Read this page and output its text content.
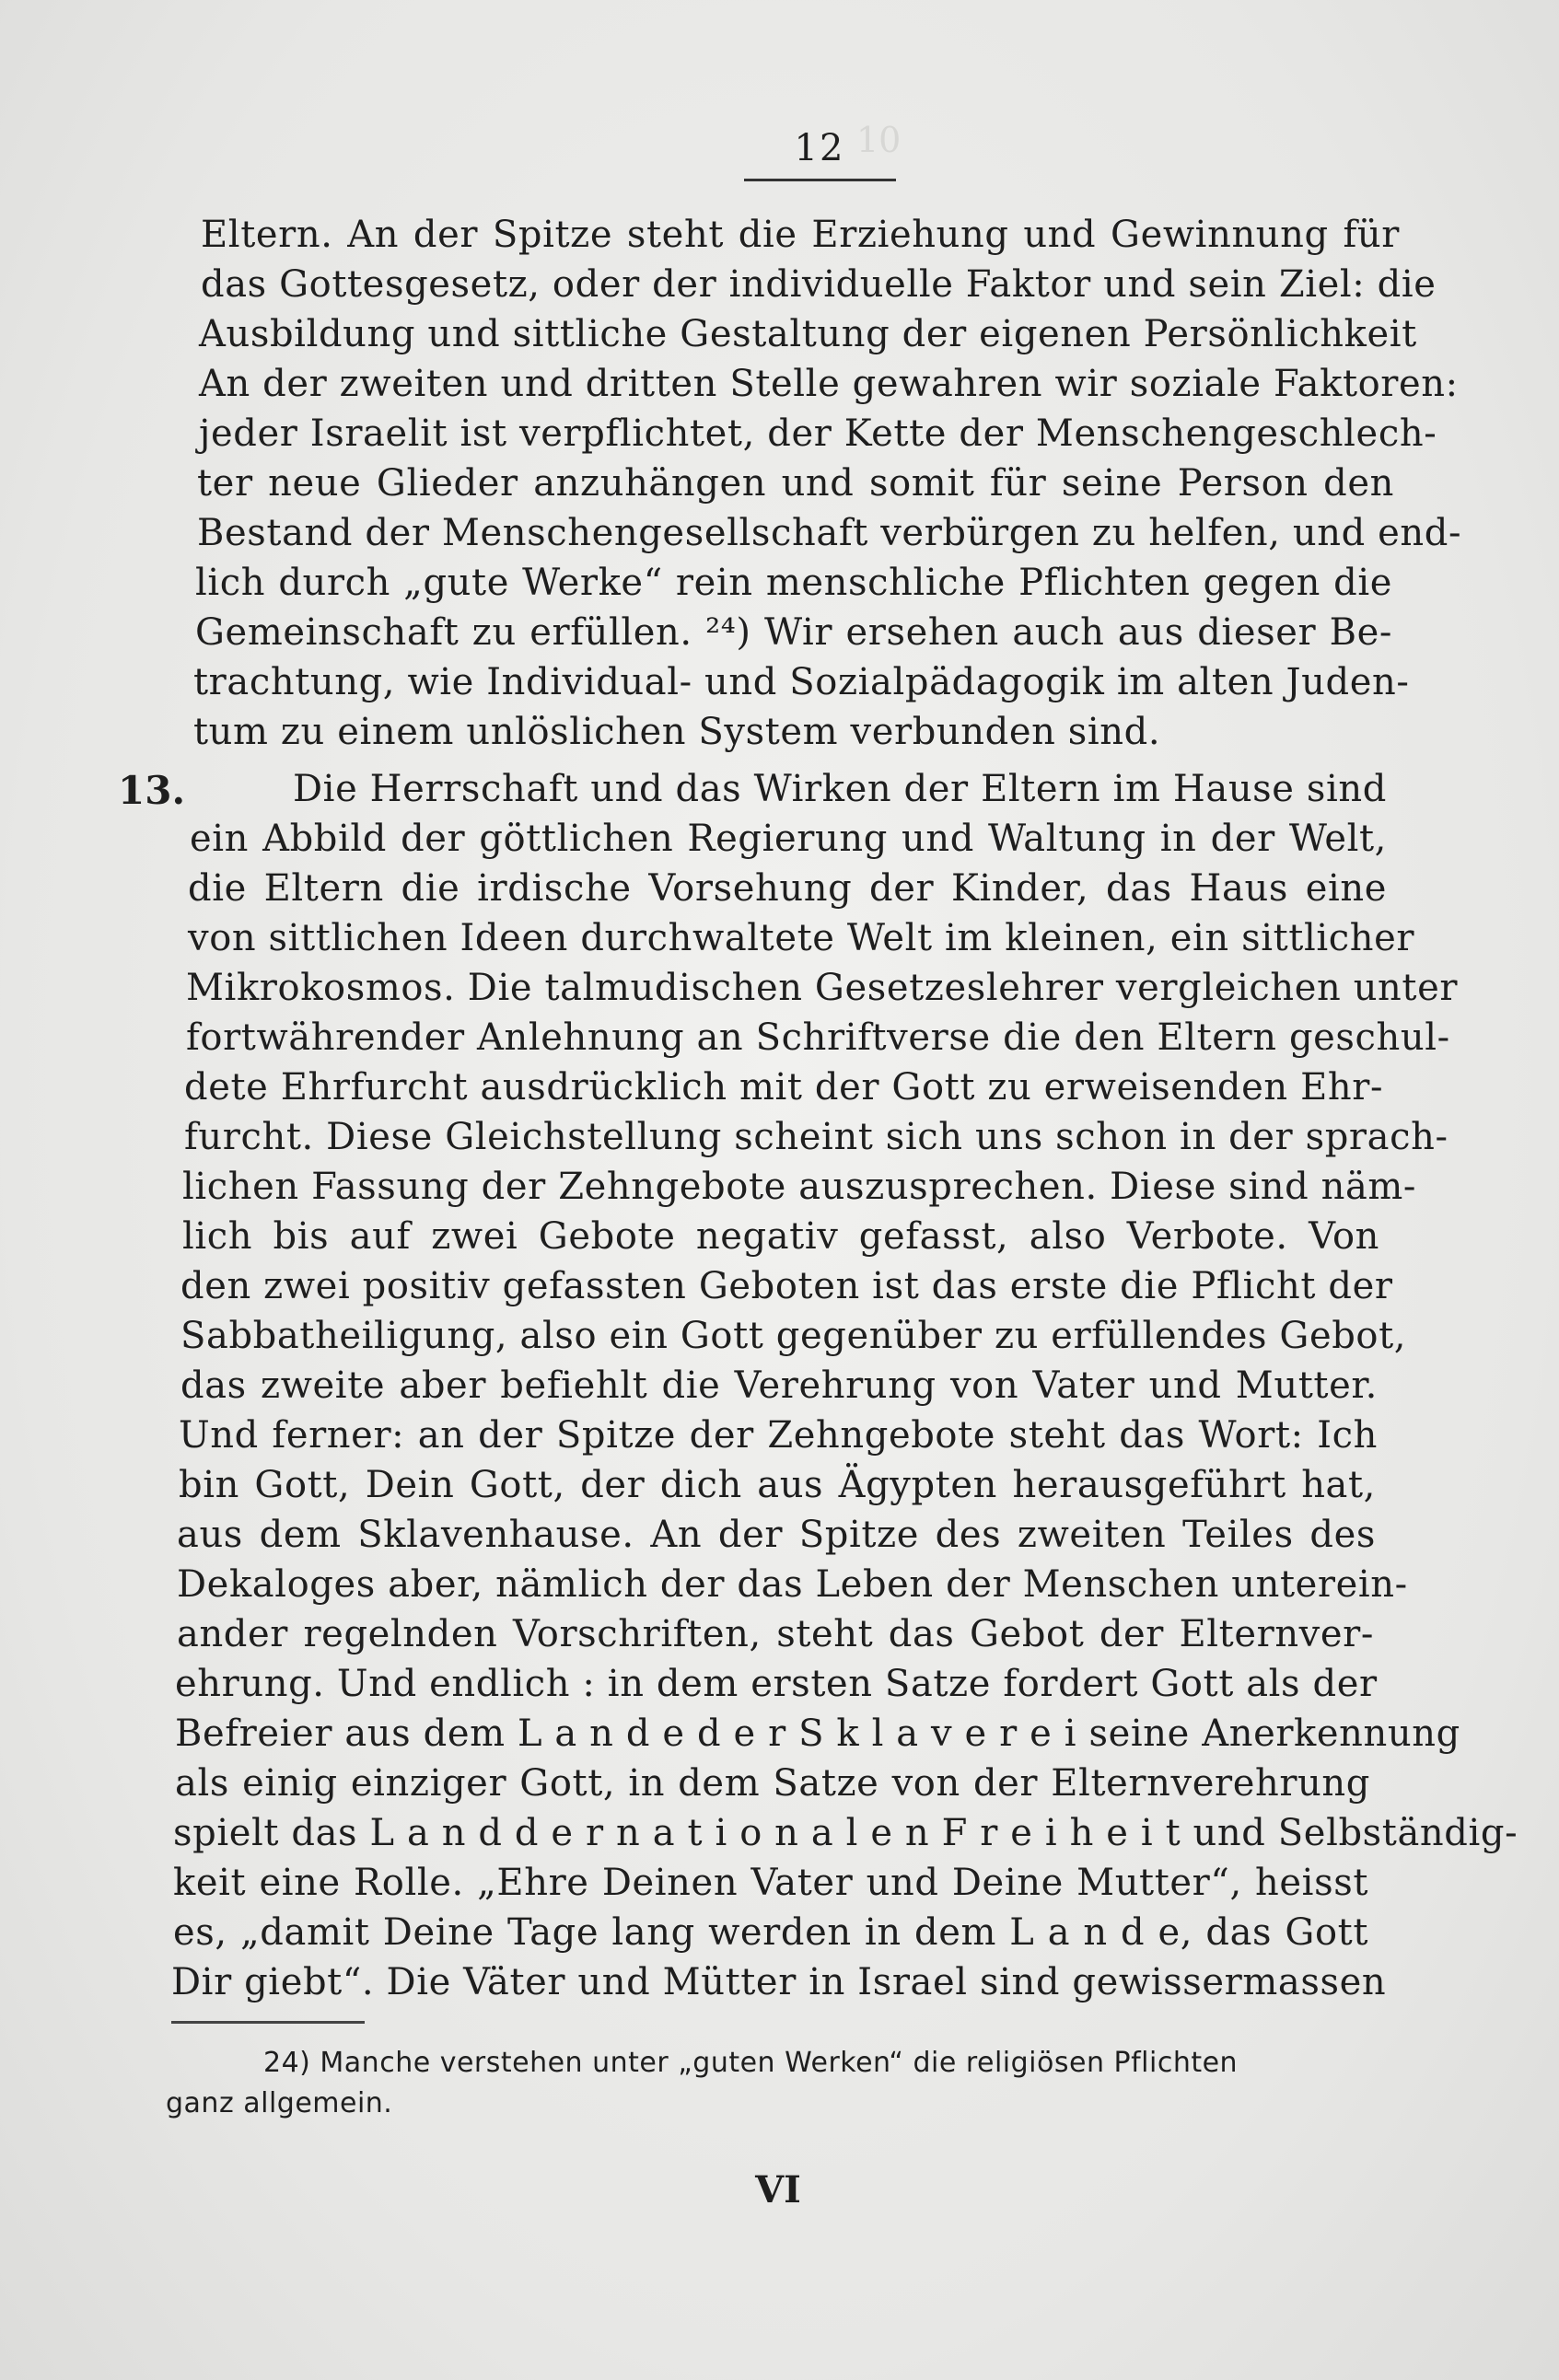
10
12
Eltern. An der Spitze steht die Erziehung und Gewinnung für
das Gottesgesetz, oder der individuelle Faktor und sein Ziel: die
Ausbildung und sittliche Gestaltung der eigenen Persönlichkeit
An der zweiten und dritten Stelle gewahren wir soziale Faktoren:
jeder Israelit ist verpflichtet, der Kette der Menschengeschlech-
ter neue Glieder anzuhängen und somit für seine Person den
Bestand der Menschengesellschaft verbürgen zu helfen, und end-
lich durch „gute Werke“ rein menschliche Pflichten gegen die
Gemeinschaft zu erfüllen. ²⁴) Wir ersehen auch aus dieser Be-
trachtung, wie Individual- und Sozialpädagogik im alten Juden-
tum zu einem unlöslichen System verbunden sind.
Die Herrschaft und das Wirken der Eltern im Hause sind
ein Abbild der göttlichen Regierung und Waltung in der Welt,
die Eltern die irdische Vorsehung der Kinder, das Haus eine
von sittlichen Ideen durchwaltete Welt im kleinen, ein sittlicher
Mikrokosmos. Die talmudischen Gesetzeslehrer vergleichen unter
fortwährender Anlehnung an Schriftverse die den Eltern geschul-
dete Ehrfurcht ausdrücklich mit der Gott zu erweisenden Ehr-
furcht. Diese Gleichstellung scheint sich uns schon in der sprach-
lichen Fassung der Zehngebote auszusprechen. Diese sind näm-
lich bis auf zwei Gebote negativ gefasst, also Verbote. Von
den zwei positiv gefassten Geboten ist das erste die Pflicht der
Sabbatheiligung, also ein Gott gegenüber zu erfüllendes Gebot,
das zweite aber befiehlt die Verehrung von Vater und Mutter.
Und ferner: an der Spitze der Zehngebote steht das Wort: Ich
bin Gott, Dein Gott, der dich aus Ägypten herausgeführt hat,
aus dem Sklavenhause. An der Spitze des zweiten Teiles des
Dekaloges aber, nämlich der das Leben der Menschen unterein-
ander regelnden Vorschriften, steht das Gebot der Elternver-
ehrung. Und endlich : in dem ersten Satze fordert Gott als der
Befreier aus dem L a n d e d e r S k l a v e r e i seine Anerkennung
als einig einziger Gott, in dem Satze von der Elternverehrung
spielt das L a n d d e r n a t i o n a l e n F r e i h e i t und Selbständig-
keit eine Rolle. „Ehre Deinen Vater und Deine Mutter“, heisst
es, „damit Deine Tage lang werden in dem L a n d e, das Gott
Dir giebt“. Die Väter und Mütter in Israel sind gewissermassen
13.
24) Manche verstehen unter „guten Werken“ die religiösen Pflichten
ganz allgemein.
VI
